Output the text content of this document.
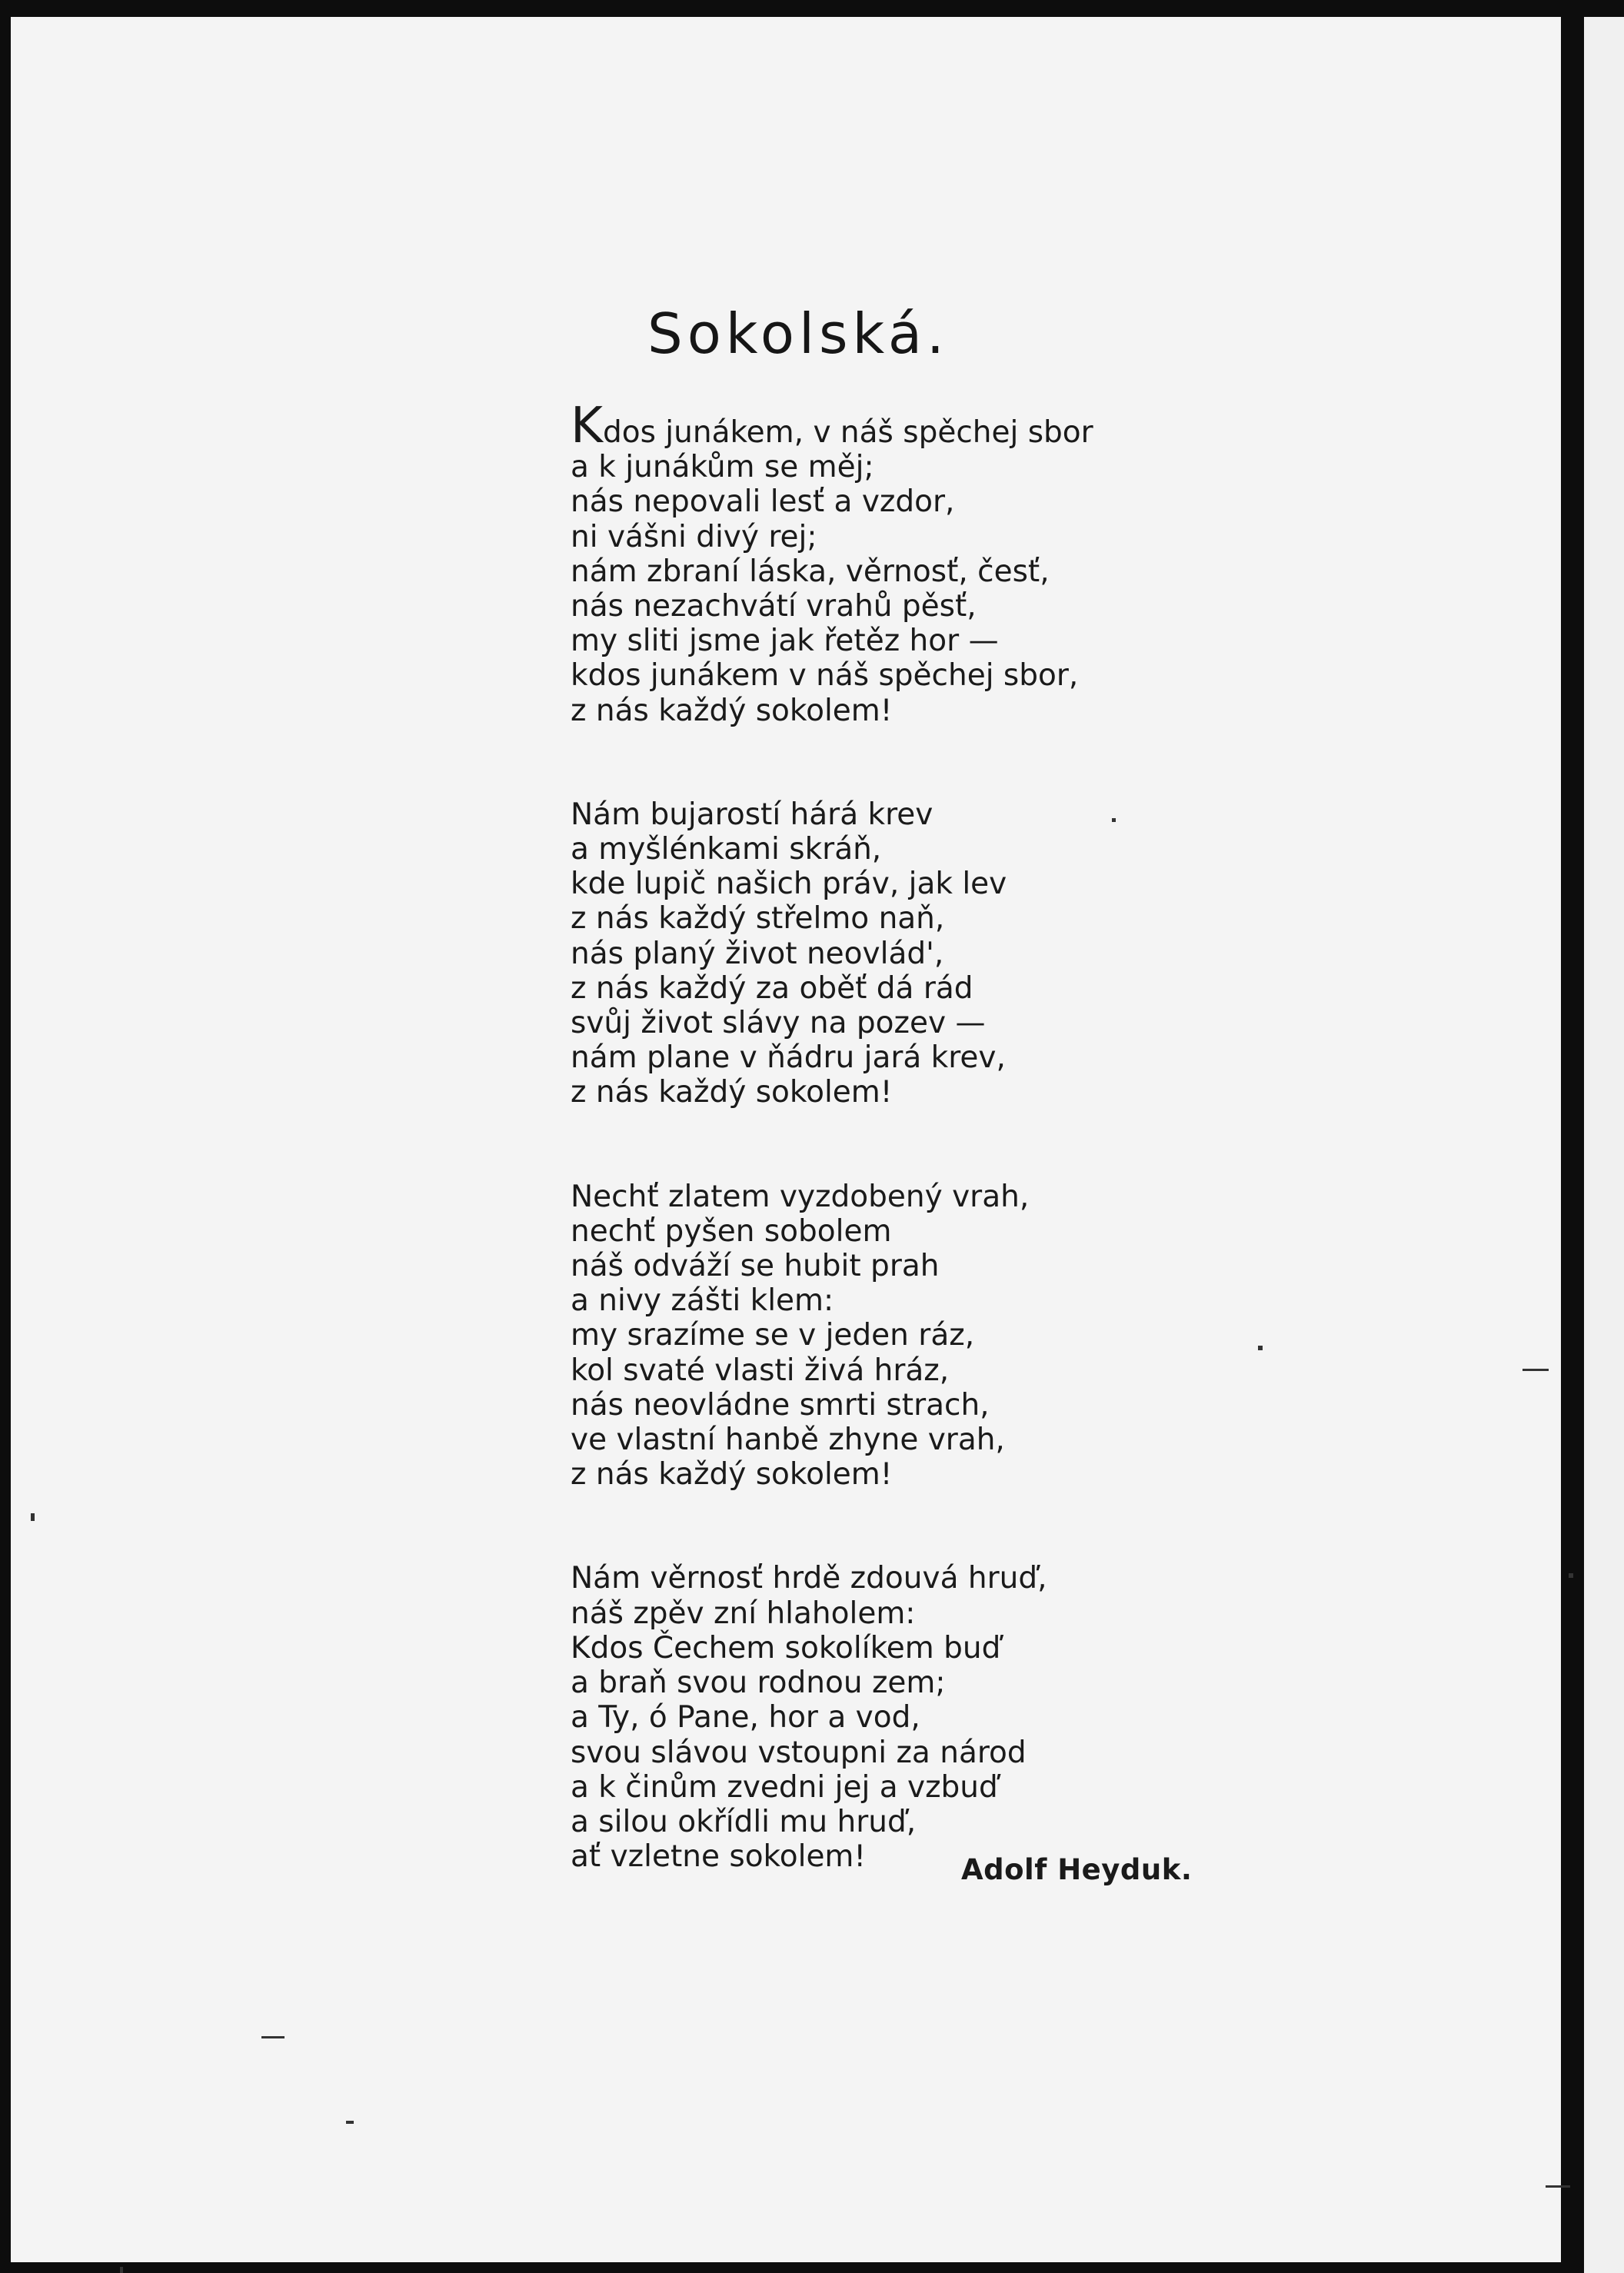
Sokolská.
Kdos junákem, v náš spěchej sbor
a k junákům se měj;
nás nepovali lesť a vzdor,
ni vášni divý rej;
nám zbraní láska, věrnosť, česť,
nás nezachvátí vrahů pěsť,
my sliti jsme jak řetěz hor —
kdos junákem v náš spěchej sbor,
z nás každý sokolem!
Nám bujarostí hárá krev
a myšlénkami skráň,
kde lupič našich práv, jak lev
z nás každý střelmo naň,
nás planý život neovlád',
z nás každý za oběť dá rád
svůj život slávy na pozev —
nám plane v ňádru jará krev,
z nás každý sokolem!
Nechť zlatem vyzdobený vrah,
nechť pyšen sobolem
náš odváží se hubit prah
a nivy zášti klem:
my srazíme se v jeden ráz,
kol svaté vlasti živá hráz,
nás neovládne smrti strach,
ve vlastní hanbě zhyne vrah,
z nás každý sokolem!
Nám věrnosť hrdě zdouvá hruď,
náš zpěv zní hlaholem:
Kdos Čechem sokolíkem buď
a braň svou rodnou zem;
a Ty, ó Pane, hor a vod,
svou slávou vstoupni za národ
a k činům zvedni jej a vzbuď
a silou okřídli mu hruď,
ať vzletne sokolem!	Adolf Heyduk.
